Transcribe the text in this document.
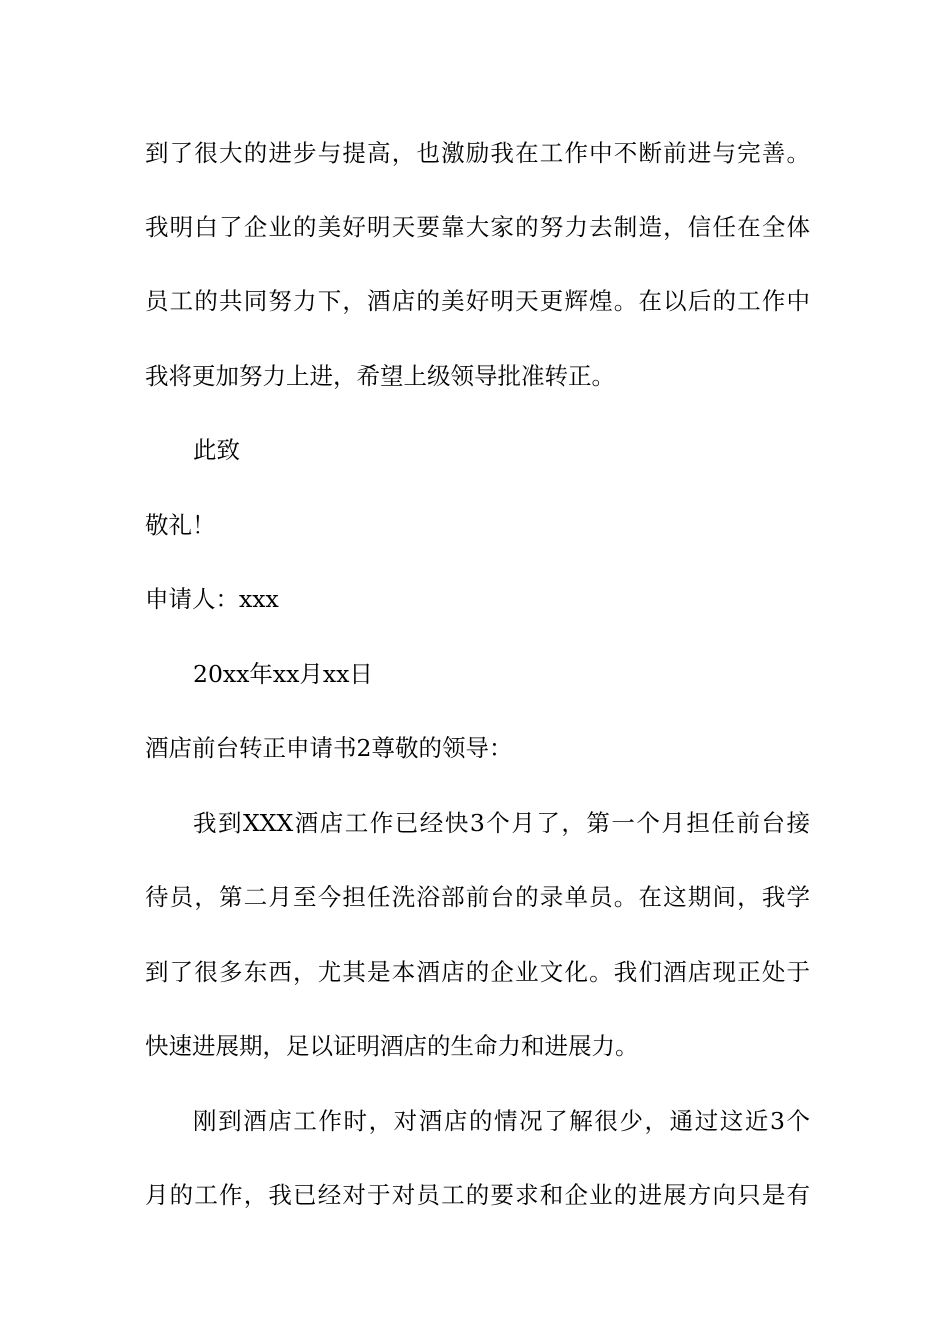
到了很大的进步与提高，也激励我在工作中不断前进与完善。
我明白了企业的美好明天要靠大家的努力去制造，信任在全体
员工的共同努力下，酒店的美好明天更辉煌。在以后的工作中
我将更加努力上进，希望上级领导批准转正。
此致
敬礼！
申请人：xxx
20xx年xx月xx日
酒店前台转正申请书2尊敬的领导：
我到XXX酒店工作已经快3个月了，第一个月担任前台接
待员，第二月至今担任洗浴部前台的录单员。在这期间，我学
到了很多东西，尤其是本酒店的企业文化。我们酒店现正处于
快速进展期，足以证明酒店的生命力和进展力。
刚到酒店工作时，对酒店的情况了解很少，通过这近3个
月的工作，我已经对于对员工的要求和企业的进展方向只是有
